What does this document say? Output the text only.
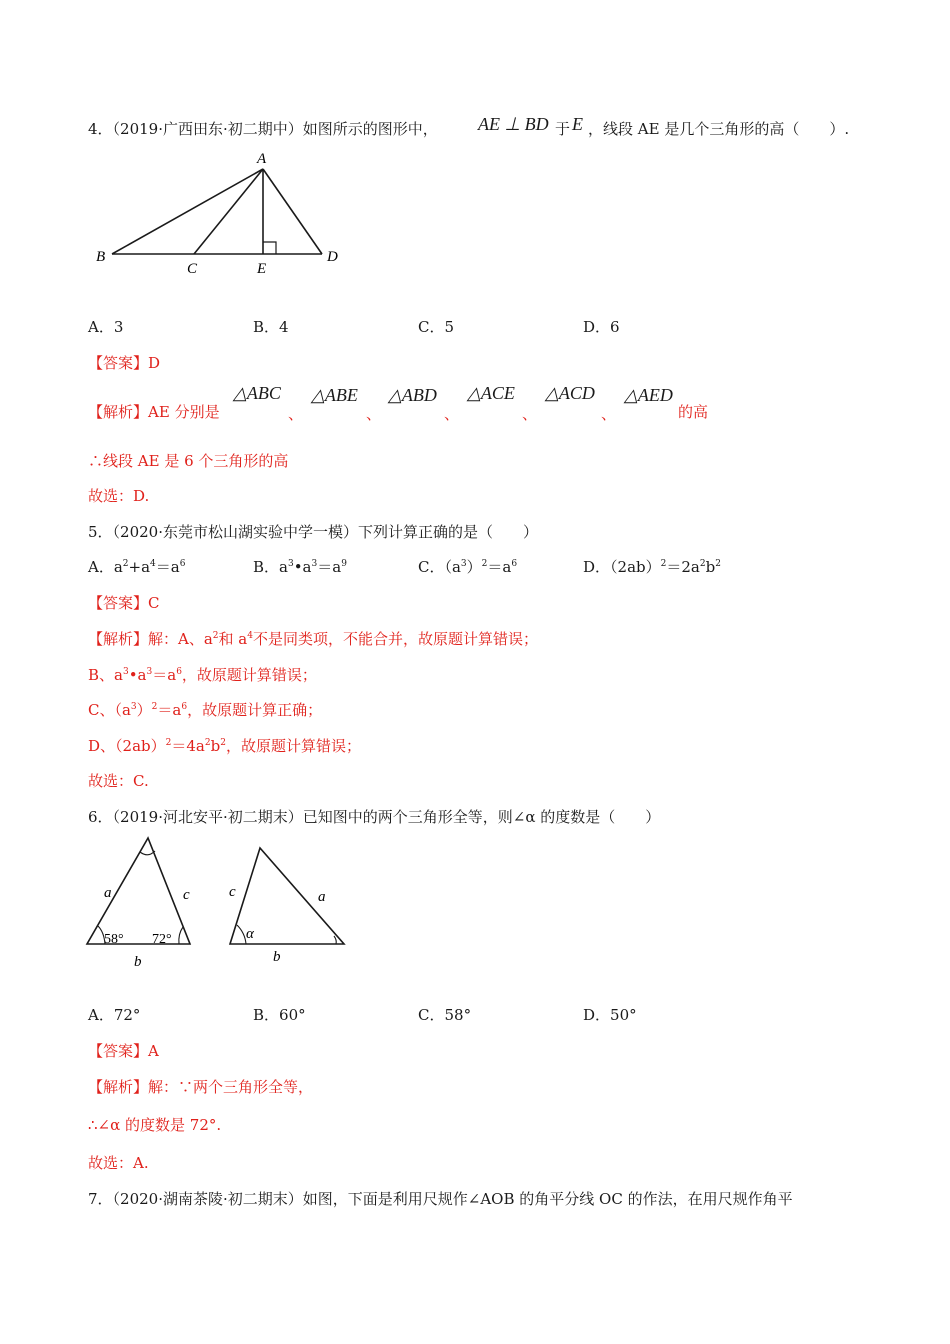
4．（2019·广西田东·初二期中）如图所示的图形中， AE ⊥ BD 于 E ，线段 AE 是几个三角形的高（　　）.
A
B
C	E
D
A．3	B．4	C．5	D．6
【答案】D
【解析】AE 分别是
△ABC
、
△ABE
、
△ABD
、
△ACE
、
△ACD
、
△AED
的高
∴线段 AE 是 6 个三角形的高
故选：D.
5．（2020·东莞市松山湖实验中学一模）下列计算正确的是（　　）
A．$a^2+a^4=a^6$	B．$a^3•a^3=a^9$	C．$(a^3)^2=a^6$	D．$(2ab)^2=2a^2b^2$
【答案】C
【解析】解：A、$a^2$和 $a^4$不是同类项，不能合并，故原题计算错误；
B、$a^3•a^3=a^6$，故原题计算错误；
C、$(a^3)^2=a^6$，故原题计算正确；
D、$(2ab)^2=4a^2b^2$，故原题计算错误；
故选：C.
6．（2019·河北安平·初二期末）已知图中的两个三角形全等，则∠α 的度数是（　　）
a	c
58° 72°
b
c	a
α
b
A．72°	B．60°	C．58°	D．50°
【答案】A
【解析】解：∵两个三角形全等，
∴∠α 的度数是 72°.
故选：A.
7．（2020·湖南茶陵·初二期末）如图，下面是利用尺规作∠AOB 的角平分线 OC 的作法，在用尺规作角平
